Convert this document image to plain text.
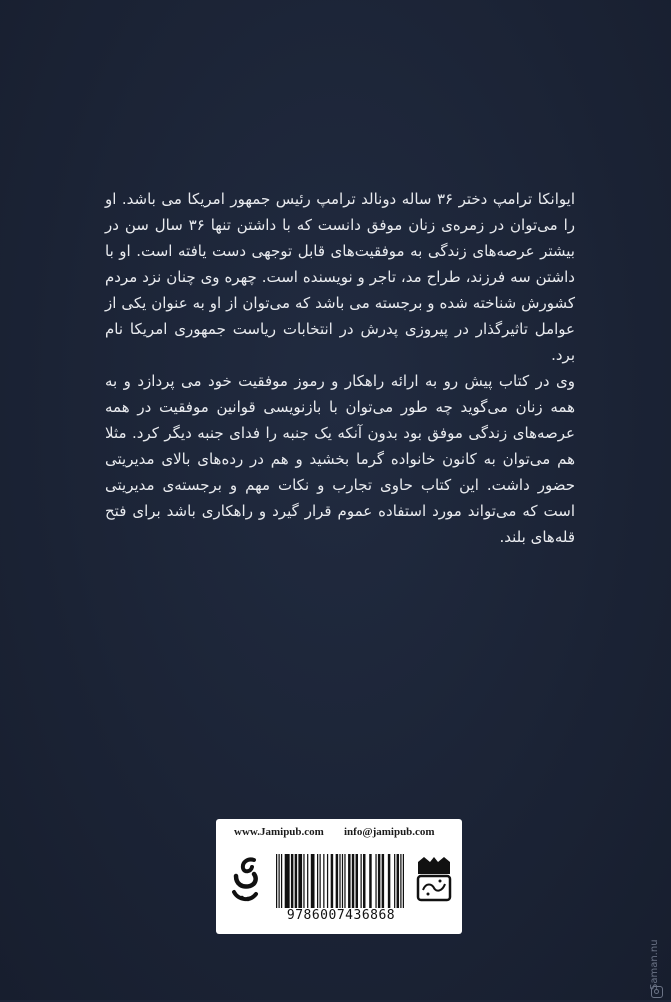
ایوانکا ترامپ دختر ۳۶ ساله دونالد ترامپ رئیس جمهور امریکا می باشد. او را می‌توان در زمره‌ی زنان موفق دانست که با داشتن تنها ۳۶ سال سن در بیشتر عرصه‌های زندگی به موفقیت‌های قابل توجهی دست یافته است. او با داشتن سه فرزند، طراح مد، تاجر و نویسنده است. چهره وی چنان نزد مردم کشورش شناخته شده و برجسته می باشد که می‌توان از او به عنوان یکی از عوامل تاثیرگذار در پیروزی پدرش در انتخابات ریاست جمهوری امریکا نام برد.

وی در کتاب پیش رو به ارائه راهکار و رموز موفقیت خود می پردازد و به همه زنان می‌گوید چه طور می‌توان با بازنویسی قوانین موفقیت در همه عرصه‌های زندگی موفق بود بدون آنکه یک جنبه را فدای جنبه دیگر کرد. مثلا هم می‌توان به کانون خانواده گرما بخشید و هم در رده‌های بالای مدیریتی حضور داشت. این کتاب حاوی تجارب و نکات مهم و برجسته‌ی مدیریتی است که می‌تواند مورد استفاده عموم قرار گیرد و راهکاری باشد برای فتح قله‌های بلند.

www.Jamipub.com info@jamipub.com
9786007436868
Saman.nu
